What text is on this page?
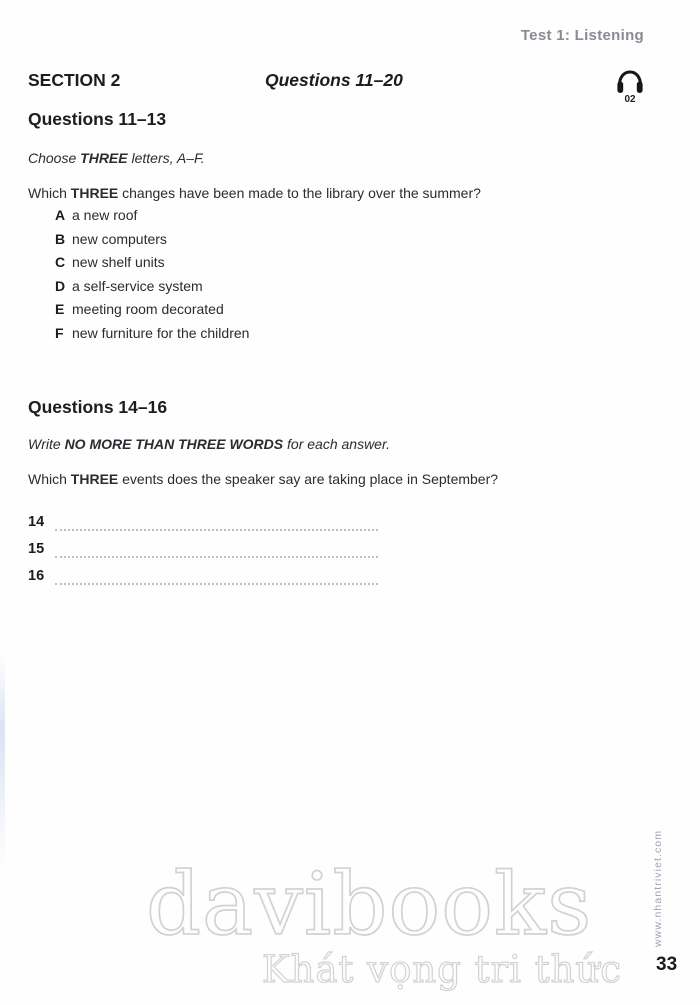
Test 1: Listening
SECTION 2	Questions 11–20
02
Questions 11–13

Choose THREE letters, A–F.

Which THREE changes have been made to the library over the summer?

A a new roof
B new computers
C new shelf units
D a self-service system
E meeting room decorated
F new furniture for the children
Questions 14–16

Write NO MORE THAN THREE WORDS for each answer.

Which THREE events does the speaker say are taking place in September?

14
15
16
davibooks
Khát vọng tri thức
www.nhantriviet.com
33
